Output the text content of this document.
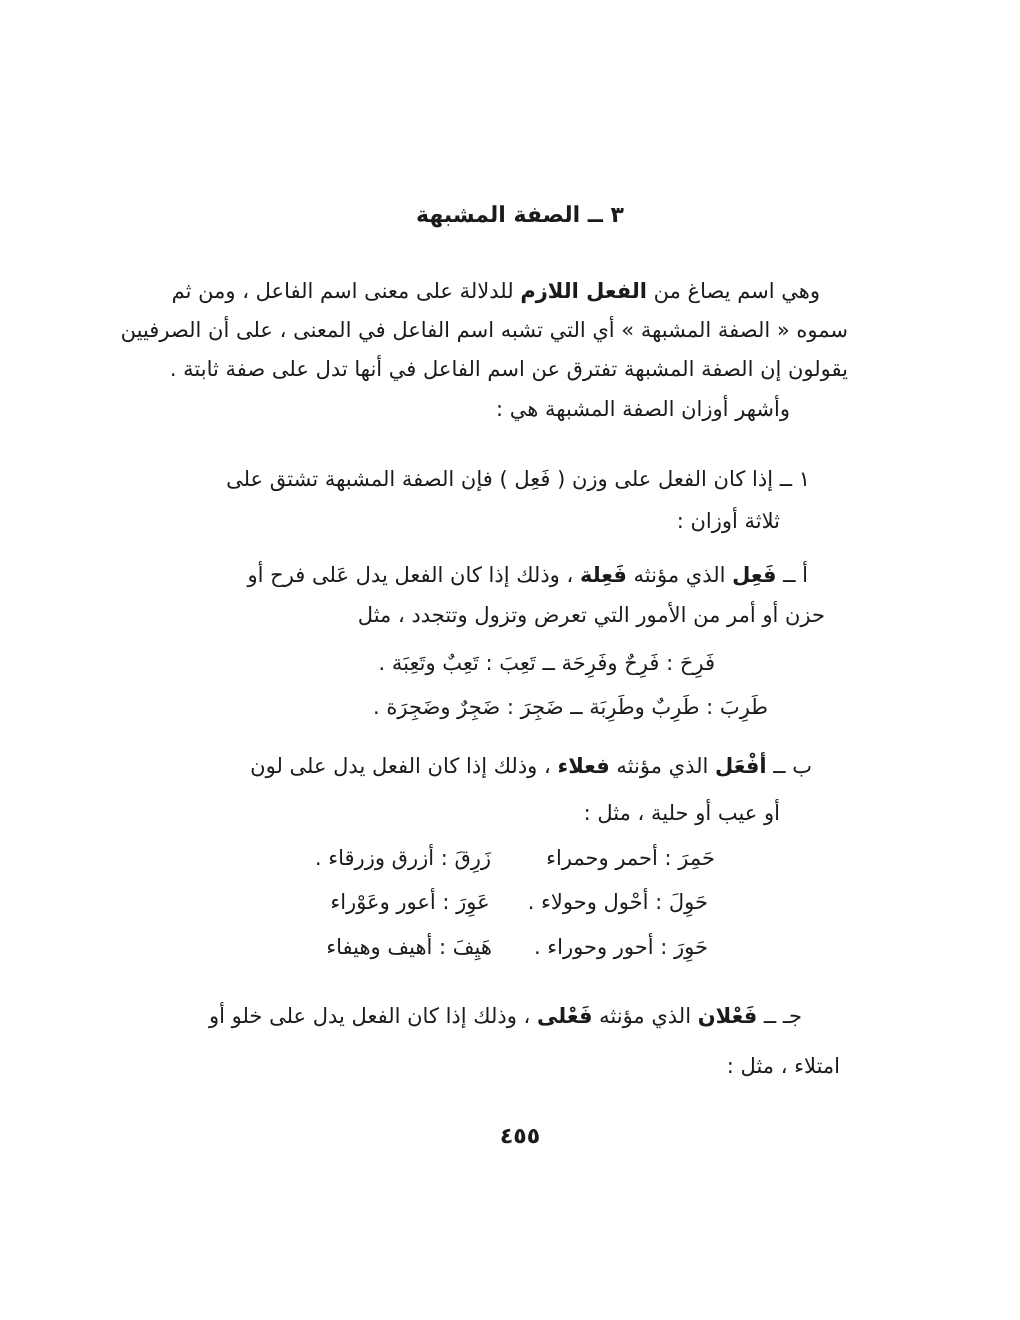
٣ ــ الصفة المشبهة
وهي اسم يصاغ من الفعل اللازم للدلالة على معنى اسم الفاعل ، ومن ثم
سموه « الصفة المشبهة » أي التي تشبه اسم الفاعل في المعنى ، على أن الصرفيين
يقولون إن الصفة المشبهة تفترق عن اسم الفاعل في أنها تدل على صفة ثابتة .
وأشهر أوزان الصفة المشبهة هي :
١ ــ إذا كان الفعل على وزن ( فَعِل ) فإن الصفة المشبهة تشتق على
ثلاثة أوزان :
أ ــ فَعِل الذي مؤنثه فَعِلة ، وذلك إذا كان الفعل يدل عَلى فرح أو
حزن أو أمر من الأمور التي تعرض وتزول وتتجدد ، مثل
فَرِحَ : فَرِحٌ وفَرِحَة ــ تَعِبَ : تَعِبٌ وتَعِبَة .
طَرِبَ : طَرِبٌ وطَرِبَة ــ ضَجِرَ : ضَجِرٌ وضَجِرَة .
ب ــ أفْعَل الذي مؤنثه فعلاء ، وذلك إذا كان الفعل يدل على لون
أو عيب أو حلية ، مثل :
حَمِرَ : أحمر وحمراء
زَرِقَ : أزرق وزرقاء .
حَوِلَ : أحْول وحولاء .
عَوِرَ : أعور وعَوْراء
حَوِرَ : أحور وحوراء .
هَيِفَ : أهيف وهيفاء
جـ ــ فَعْلان الذي مؤنثه فَعْلى ، وذلك إذا كان الفعل يدل على خلو أو
امتلاء ، مثل :
٤٥٥
